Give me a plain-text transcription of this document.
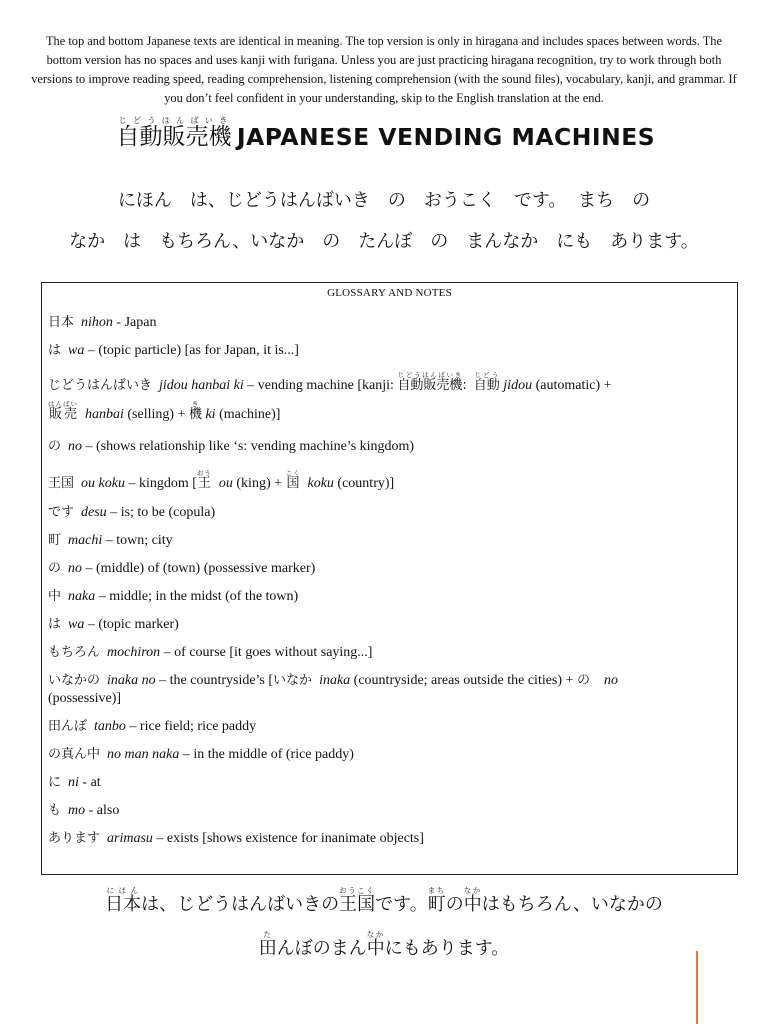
The top and bottom Japanese texts are identical in meaning. The top version is only in hiragana and includes spaces between words. The bottom version has no spaces and uses kanji with furigana. Unless you are just practicing hiragana recognition, try to work through both versions to improve reading speed, reading comprehension, listening comprehension (with the sound files), vocabulary, kanji, and grammar. If you don’t feel confident in your understanding, skip to the English translation at the end.
自動販売機じどうはんばいきJAPANESE VENDING MACHINES
にほん　は、じどうはんばいき　の　おうこく　です。 まち　の
なか　は　もちろん、いなか　の　たんぼ　の　まんなか　にも　あります。
GLOSSARY AND NOTES
日本 nihon - Japan
は wa – (topic particle) [as for Japan, it is...]
じどうはんばいき jidou hanbai ki – vending machine [kanji: 自動販売機じどうはんばいき: 自動じどう jidou (automatic) +
販売はんばい  hanbai (selling) + 機き ki (machine)]
の no – (shows relationship like ‘s: vending machine’s kingdom)
王国 ou koku – kingdom [王おう  ou (king) + 国こく  koku (country)]
です desu – is; to be (copula)
町 machi – town; city
の no – (middle) of (town) (possessive marker)
中 naka – middle; in the midst (of the town)
は wa – (topic marker)
もちろん mochiron – of course [it goes without saying...]
いなかの inaka no – the countryside’s [いなか inaka (countryside; areas outside the cities) + の no
(possessive)]
田んぼ tanbo – rice field; rice paddy
の真ん中 no man naka – in the middle of (rice paddy)
に ni - at
も mo - also
あります arimasu – exists [shows existence for inanimate objects]
日本にほんは、じどうはんばいきの王国おうこくです。町まちの中なかはもちろん、いなかの
田たんぼのまん中なかにもあります。
